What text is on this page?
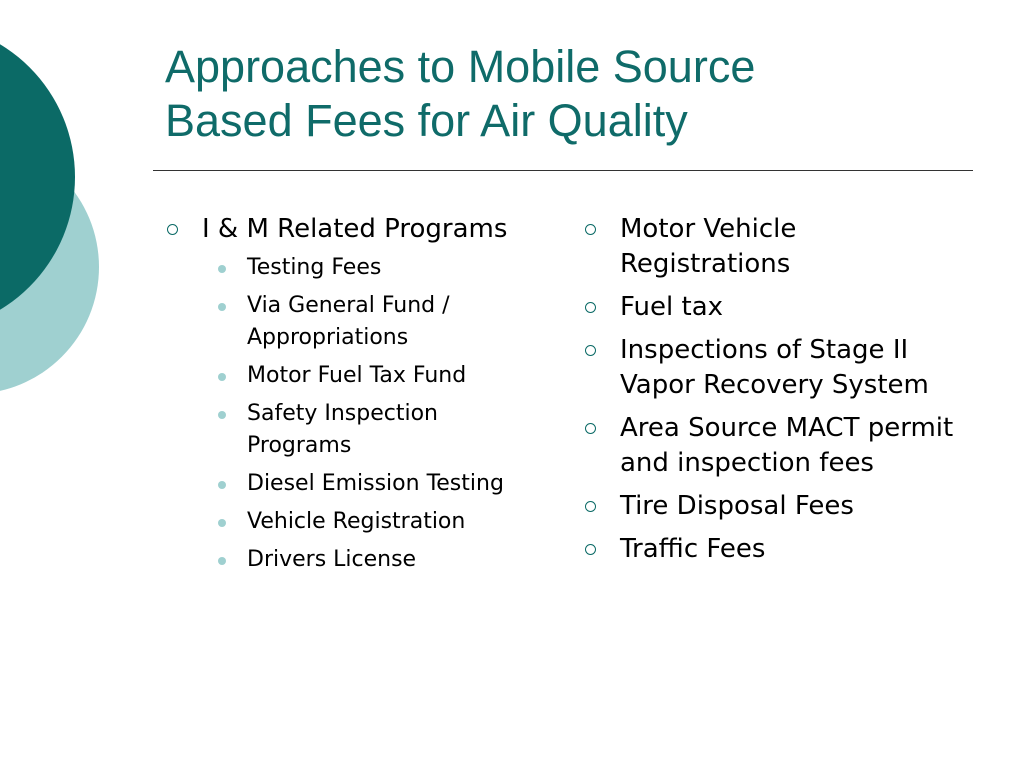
Approaches to Mobile Source
Based Fees for Air Quality
I & M Related Programs
Testing Fees
Via General Fund / Appropriations
Motor Fuel Tax Fund
Safety Inspection Programs
Diesel Emission Testing
Vehicle Registration
Drivers License
Motor Vehicle Registrations
Fuel tax
Inspections of Stage II Vapor Recovery System
Area Source MACT permit and inspection fees
Tire Disposal Fees
Traffic Fees
